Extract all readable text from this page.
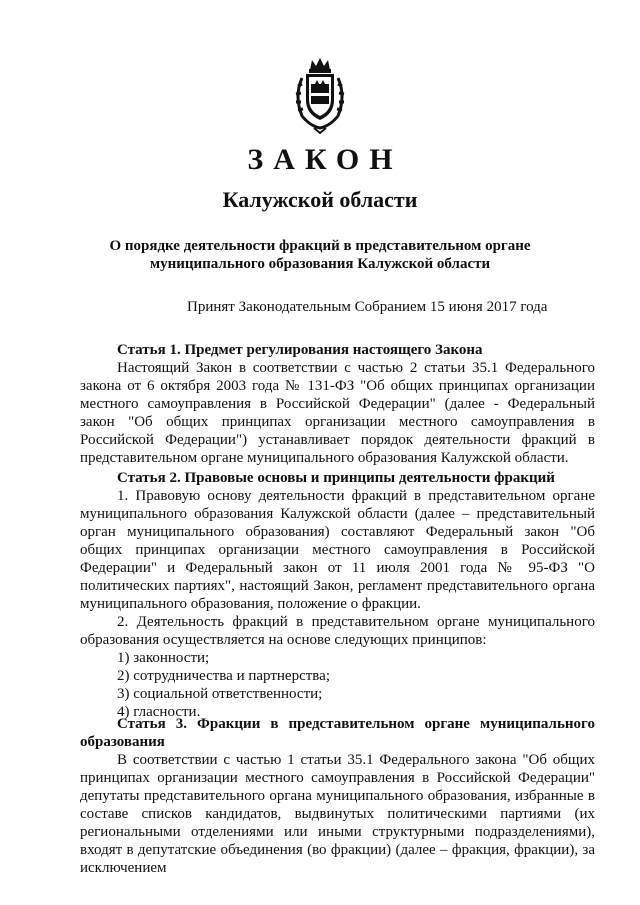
ЗАКОН
Калужской области
О порядке деятельности фракций в представительном органе
муниципального образования Калужской области
Принят Законодательным Собранием 15 июня 2017 года

Статья 1. Предмет регулирования настоящего Закона

Настоящий Закон в соответствии с частью 2 статьи 35.1 Федерального закона от 6 октября 2003 года № 131-ФЗ "Об общих принципах организации местного самоуправления в Российской Федерации" (далее - Федеральный закон "Об общих принципах организации местного самоуправления в Российской Федерации") устанавливает порядок деятельности фракций в представительном органе муниципального образования Калужской области.

Статья 2. Правовые основы и принципы деятельности фракций

1. Правовую основу деятельности фракций в представительном органе муниципального образования Калужской области (далее – представительный орган муниципального образования) составляют Федеральный закон "Об общих принципах организации местного самоуправления в Российской Федерации" и Федеральный закон от 11 июля 2001 года № 95-ФЗ "О политических партиях", настоящий Закон, регламент представительного органа муниципального образования, положение о фракции.

2. Деятельность фракций в представительном органе муниципального образования осуществляется на основе следующих принципов:

1) законности;

2) сотрудничества и партнерства;

3) социальной ответственности;

4) гласности.

Статья 3. Фракции в представительном органе муниципального образования

В соответствии с частью 1 статьи 35.1 Федерального закона "Об общих принципах организации местного самоуправления в Российской Федерации" депутаты представительного органа муниципального образования, избранные в составе списков кандидатов, выдвинутых политическими партиями (их региональными отделениями или иными структурными подразделениями), входят в депутатские объединения (во фракции) (далее – фракция, фракции), за исключением
